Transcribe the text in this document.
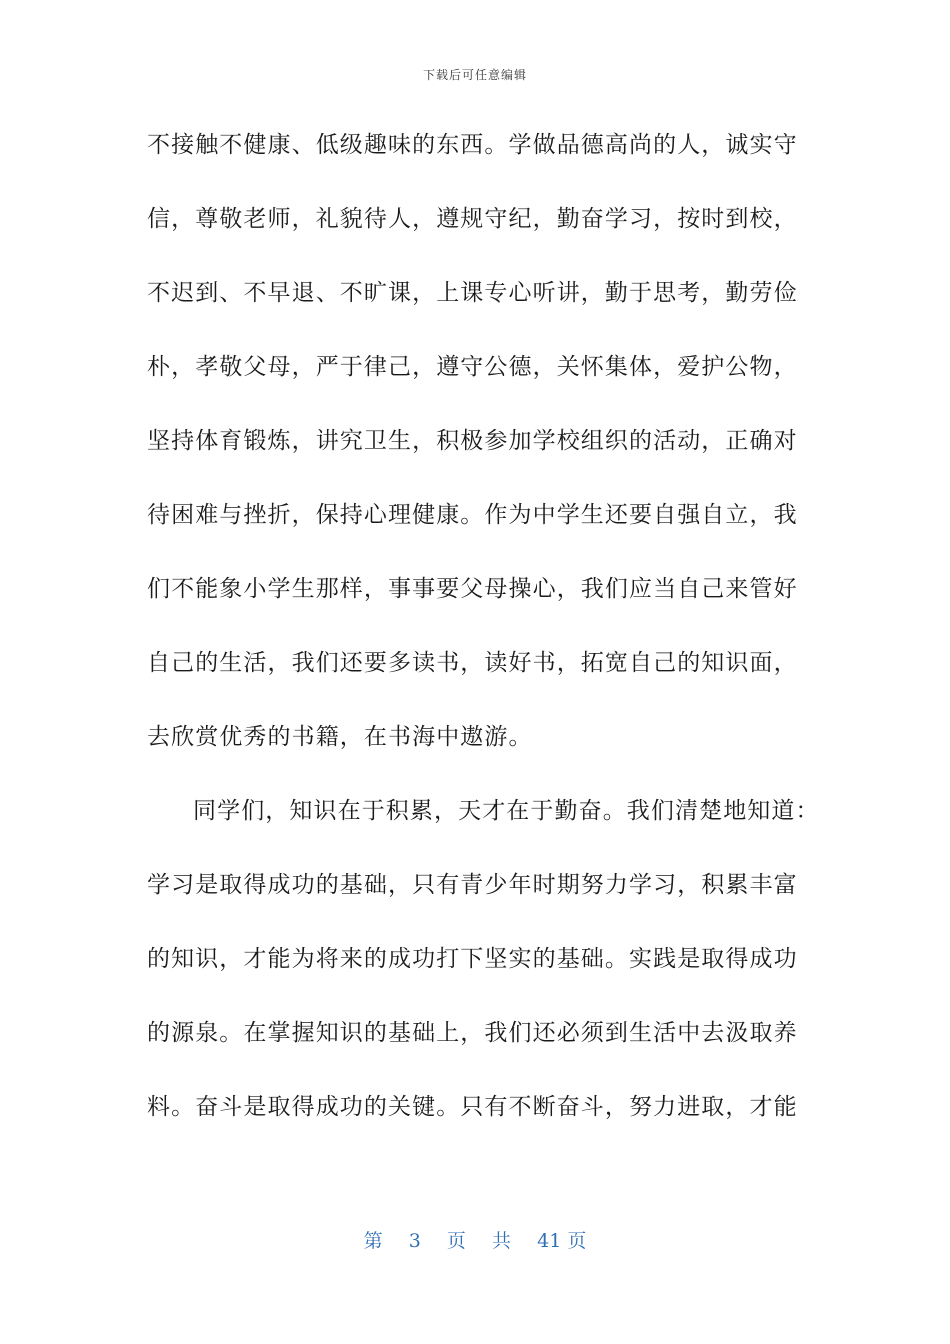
下载后可任意编辑
不接触不健康、低级趣味的东西。学做品德高尚的人，诚实守
信，尊敬老师，礼貌待人，遵规守纪，勤奋学习，按时到校，
不迟到、不早退、不旷课，上课专心听讲，勤于思考，勤劳俭
朴，孝敬父母，严于律己，遵守公德，关怀集体，爱护公物，
坚持体育锻炼，讲究卫生，积极参加学校组织的活动，正确对
待困难与挫折，保持心理健康。作为中学生还要自强自立，我
们不能象小学生那样，事事要父母操心，我们应当自己来管好
自己的生活，我们还要多读书，读好书，拓宽自己的知识面，
去欣赏优秀的书籍，在书海中遨游。
同学们，知识在于积累，天才在于勤奋。我们清楚地知道：
学习是取得成功的基础，只有青少年时期努力学习，积累丰富
的知识，才能为将来的成功打下坚实的基础。实践是取得成功
的源泉。在掌握知识的基础上，我们还必须到生活中去汲取养
料。奋斗是取得成功的关键。只有不断奋斗，努力进取，才能
第 3 页 共 41 页
